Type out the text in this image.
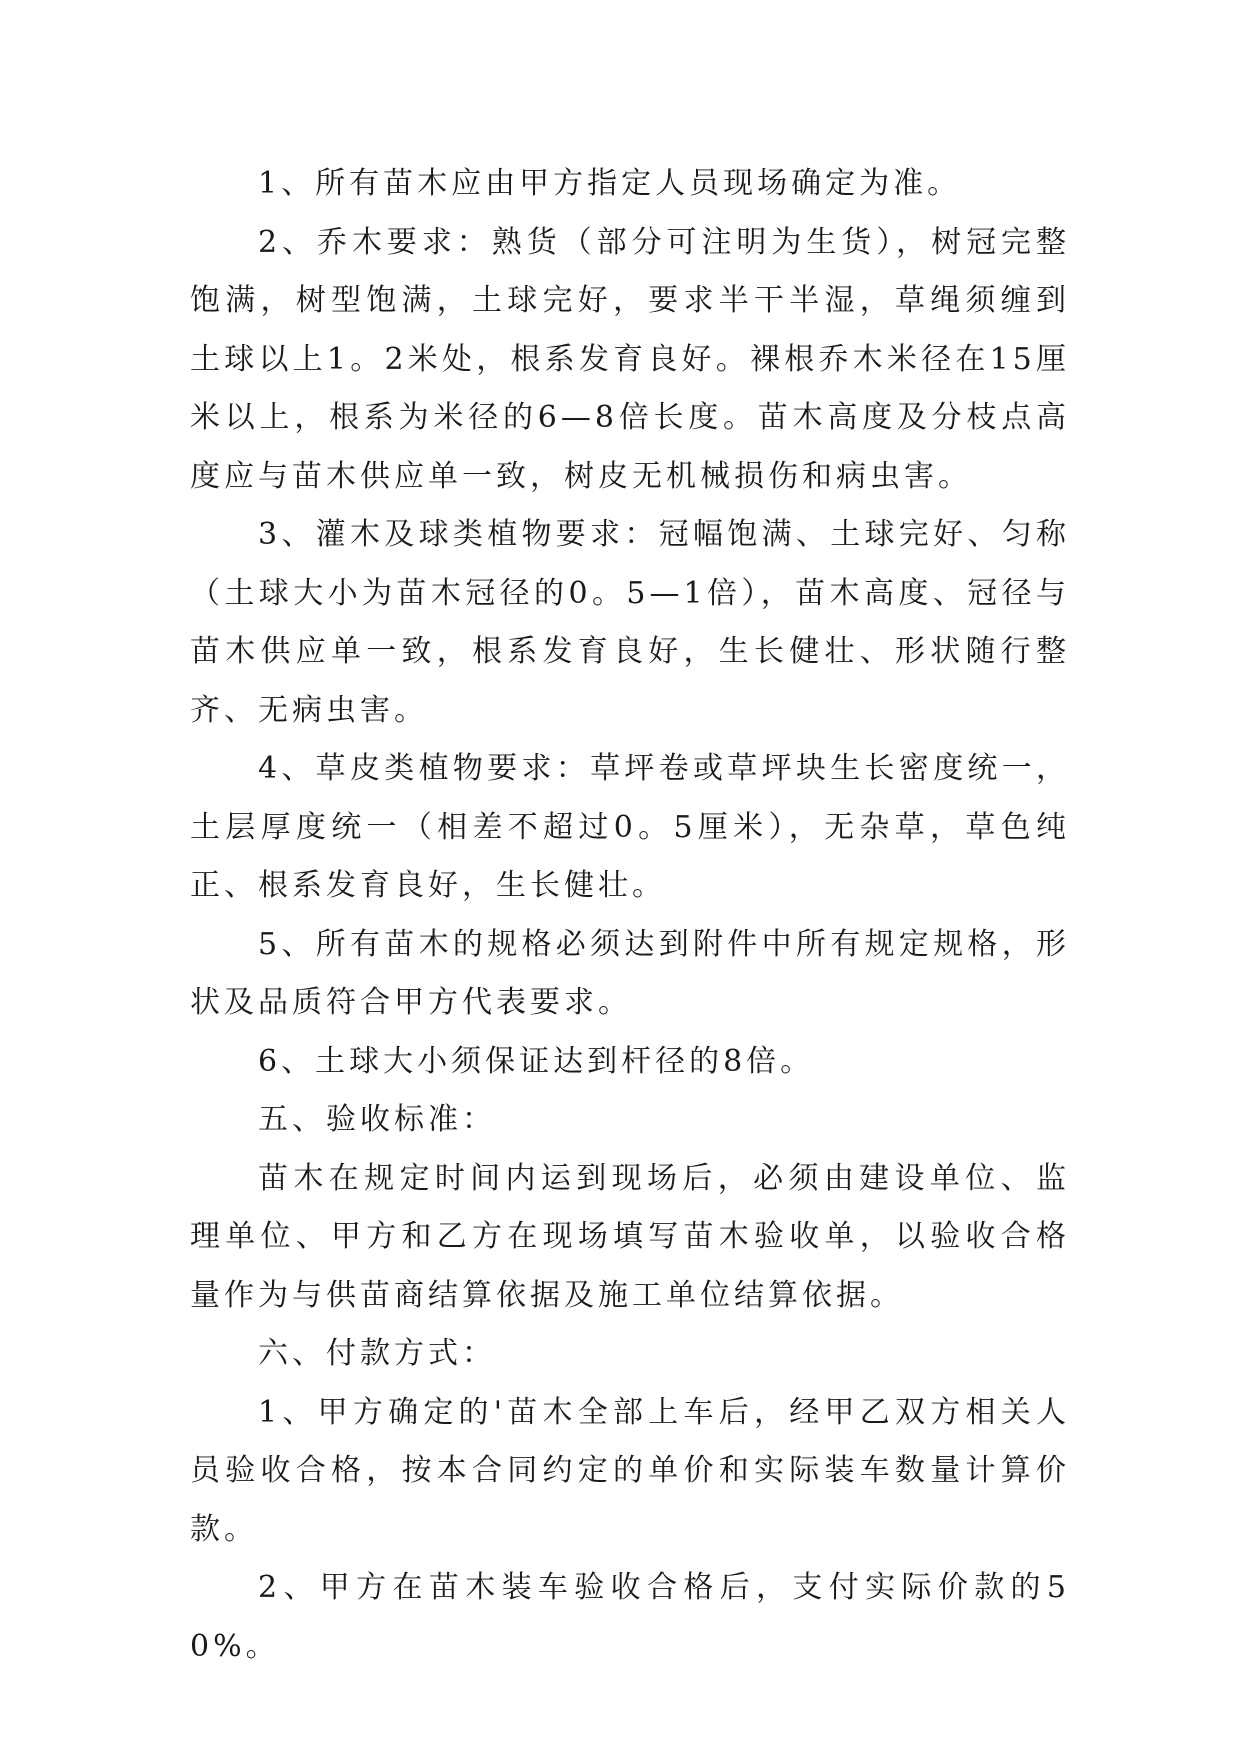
1、所有苗木应由甲方指定人员现场确定为准。

2、乔木要求：熟货（部分可注明为生货），树冠完整饱满，树型饱满，土球完好，要求半干半湿，草绳须缠到土球以上1。2米处，根系发育良好。裸根乔木米径在15厘米以上，根系为米径的6—8倍长度。苗木高度及分枝点高度应与苗木供应单一致，树皮无机械损伤和病虫害。

3、灌木及球类植物要求：冠幅饱满、土球完好、匀称（土球大小为苗木冠径的0。5—1倍），苗木高度、冠径与苗木供应单一致，根系发育良好，生长健壮、形状随行整齐、无病虫害。

4、草皮类植物要求：草坪卷或草坪块生长密度统一，土层厚度统一（相差不超过0。5厘米），无杂草，草色纯正、根系发育良好，生长健壮。

5、所有苗木的规格必须达到附件中所有规定规格，形状及品质符合甲方代表要求。

6、土球大小须保证达到杆径的8倍。

五、验收标准：

苗木在规定时间内运到现场后，必须由建设单位、监理单位、甲方和乙方在现场填写苗木验收单，以验收合格量作为与供苗商结算依据及施工单位结算依据。

六、付款方式：

1、甲方确定的'苗木全部上车后，经甲乙双方相关人员验收合格，按本合同约定的单价和实际装车数量计算价款。

2、甲方在苗木装车验收合格后，支付实际价款的50%。
